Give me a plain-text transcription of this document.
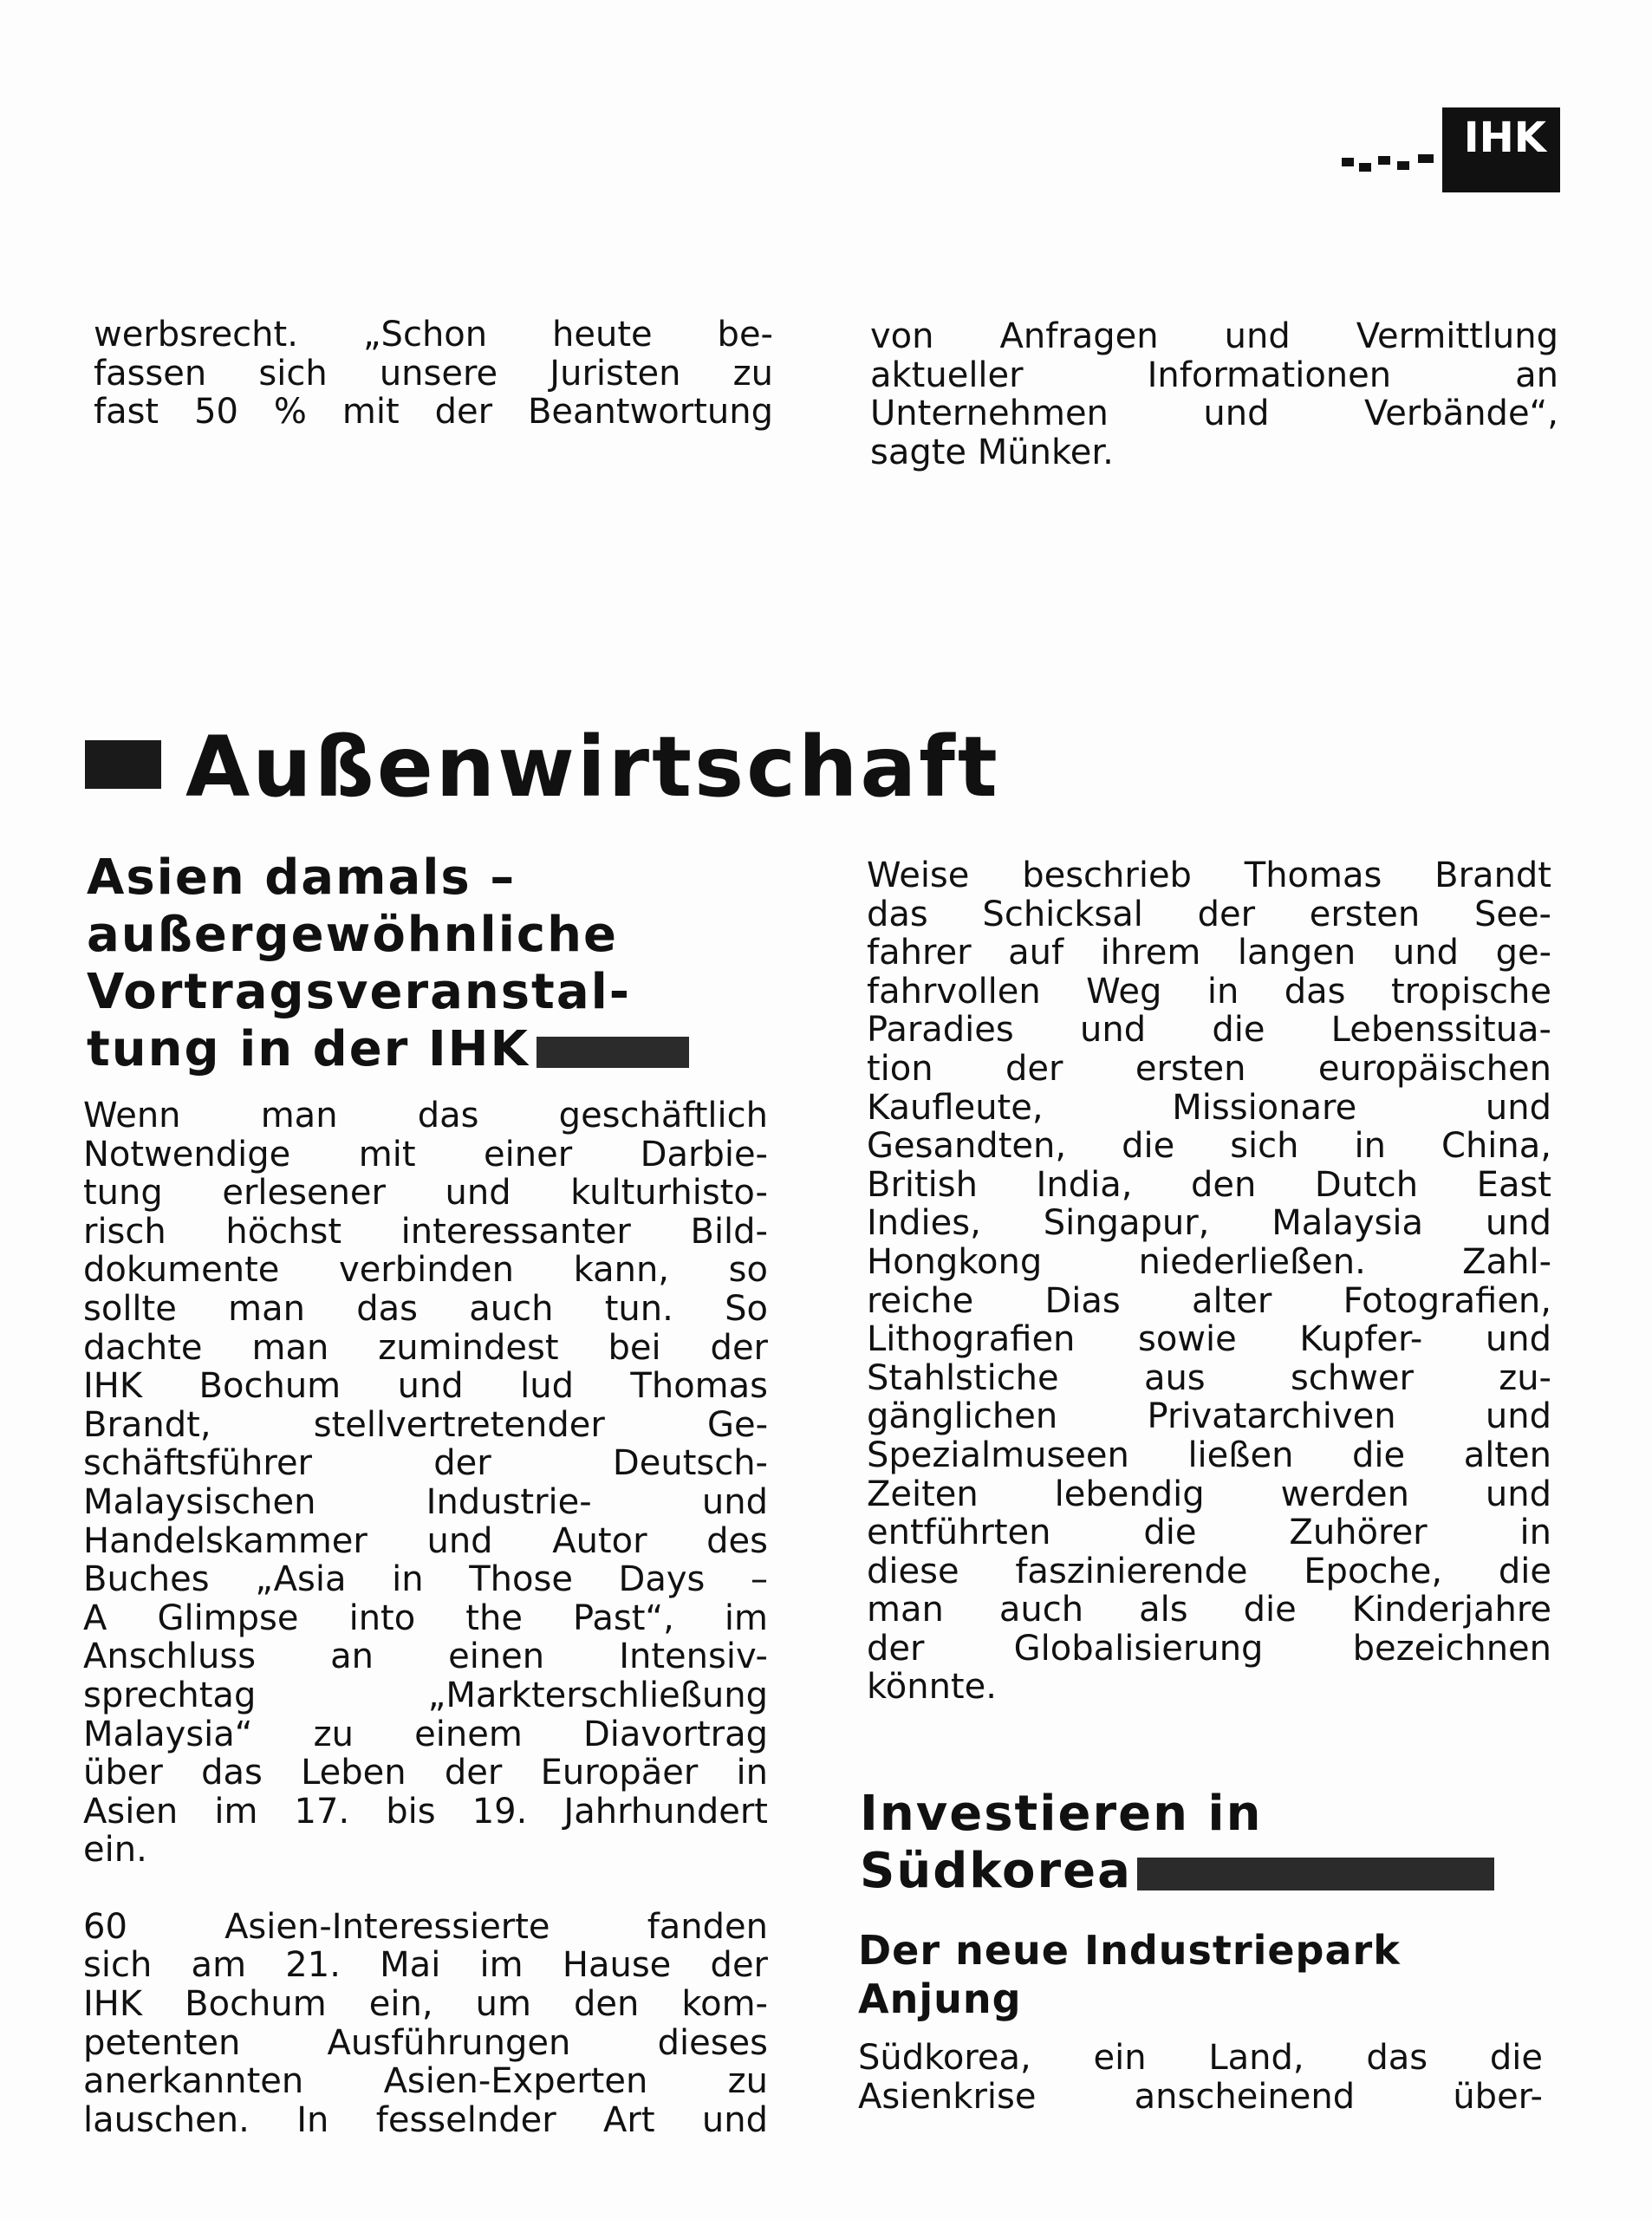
IHK

werbsrecht. „Schon heute be-

fassen sich unsere Juristen zu

fast 50 % mit der Beantwortung

von Anfragen und Vermittlung

aktueller Informationen an

Unternehmen und Verbände“,

sagte Münker.

Außenwirtschaft
Asien damals –
außergewöhnliche
Vortragsveranstal-
tung in der IHK

Wenn man das geschäftlich

Notwendige mit einer Darbie-

tung erlesener und kulturhisto-

risch höchst interessanter Bild-

dokumente verbinden kann, so

sollte man das auch tun. So

dachte man zumindest bei der

IHK Bochum und lud Thomas

Brandt, stellvertretender Ge-

schäftsführer der Deutsch-

Malaysischen Industrie- und

Handelskammer und Autor des

Buches „Asia in Those Days –

A Glimpse into the Past“, im

Anschluss an einen Intensiv-

sprechtag „Markterschließung

Malaysia“ zu einem Diavortrag

über das Leben der Europäer in

Asien im 17. bis 19. Jahrhundert

ein.

60 Asien-Interessierte fanden

sich am 21. Mai im Hause der

IHK Bochum ein, um den kom-

petenten Ausführungen dieses

anerkannten Asien-Experten zu

lauschen. In fesselnder Art und

Weise beschrieb Thomas Brandt

das Schicksal der ersten See-

fahrer auf ihrem langen und ge-

fahrvollen Weg in das tropische

Paradies und die Lebenssitua-

tion der ersten europäischen

Kaufleute, Missionare und

Gesandten, die sich in China,

British India, den Dutch East

Indies, Singapur, Malaysia und

Hongkong niederließen. Zahl-

reiche Dias alter Fotografien,

Lithografien sowie Kupfer- und

Stahlstiche aus schwer zu-

gänglichen Privatarchiven und

Spezialmuseen ließen die alten

Zeiten lebendig werden und

entführten die Zuhörer in

diese faszinierende Epoche, die

man auch als die Kinderjahre

der Globalisierung bezeichnen

könnte.

Investieren in
Südkorea
Der neue Industriepark
Anjung

Südkorea, ein Land, das die

Asienkrise anscheinend über-
